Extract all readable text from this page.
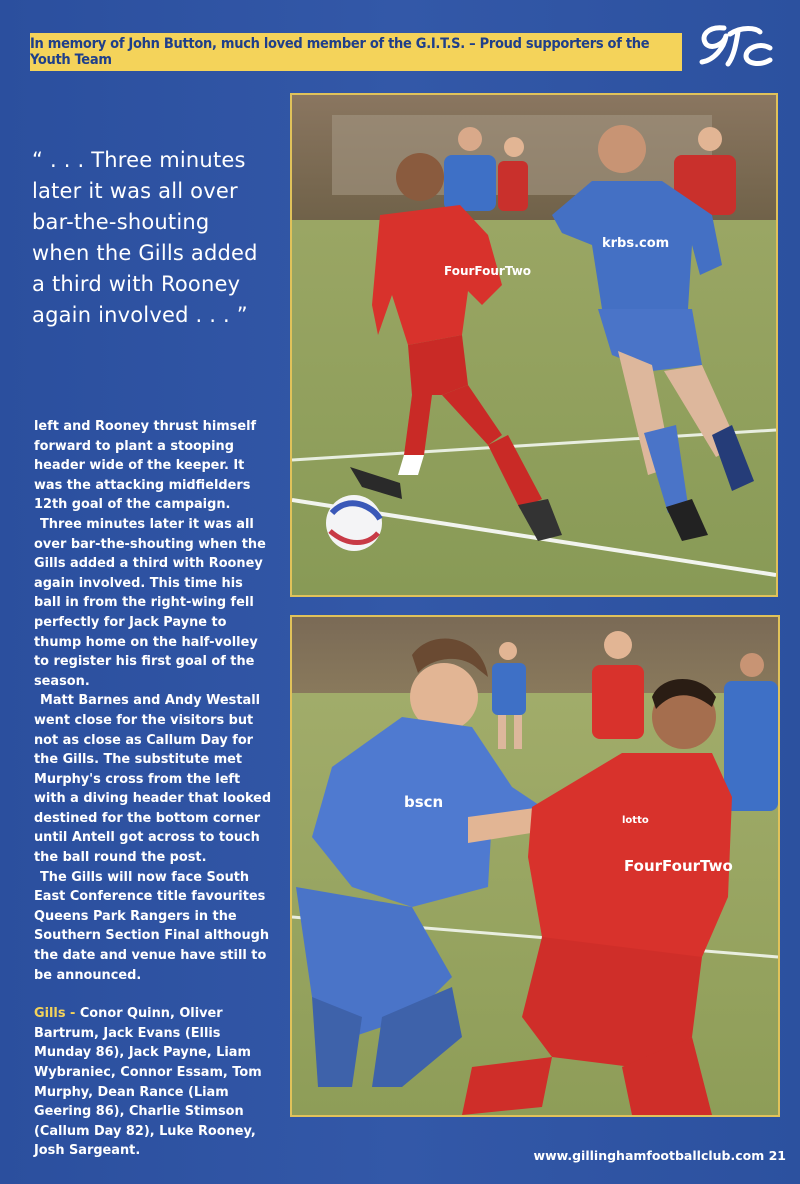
In memory of John Button, much loved member of the G.I.T.S. – Proud supporters of the Youth Team
“ . . . Three minutes later it was all over bar-the-shouting when the Gills added a third with Rooney again involved . . . ”

left and Rooney thrust himself forward to plant a stooping header wide of the keeper. It was the attacking midfielders 12th goal of the campaign.

Three minutes later it was all over bar-the-shouting when the Gills added a third with Rooney again involved. This time his ball in from the right-wing fell perfectly for Jack Payne to thump home on the half-volley to register his first goal of the season.

Matt Barnes and Andy Westall went close for the visitors but not as close as Callum Day for the Gills. The substitute met Murphy's cross from the left with a diving header that looked destined for the bottom corner until Antell got across to touch the ball round the post.

The Gills will now face South East Conference title favourites Queens Park Rangers in the Southern Section Final although the date and venue have still to be announced.

Gills - Conor Quinn, Oliver Bartrum, Jack Evans (Ellis Munday 86), Jack Payne, Liam Wybraniec, Connor Essam, Tom Murphy, Dean Rance (Liam Geering 86), Charlie Stimson (Callum Day 82), Luke Rooney, Josh Sargeant.

FourFourTwo
krbs.com
bscn
FourFourTwo
lotto
www.gillinghamfootballclub.com 21
